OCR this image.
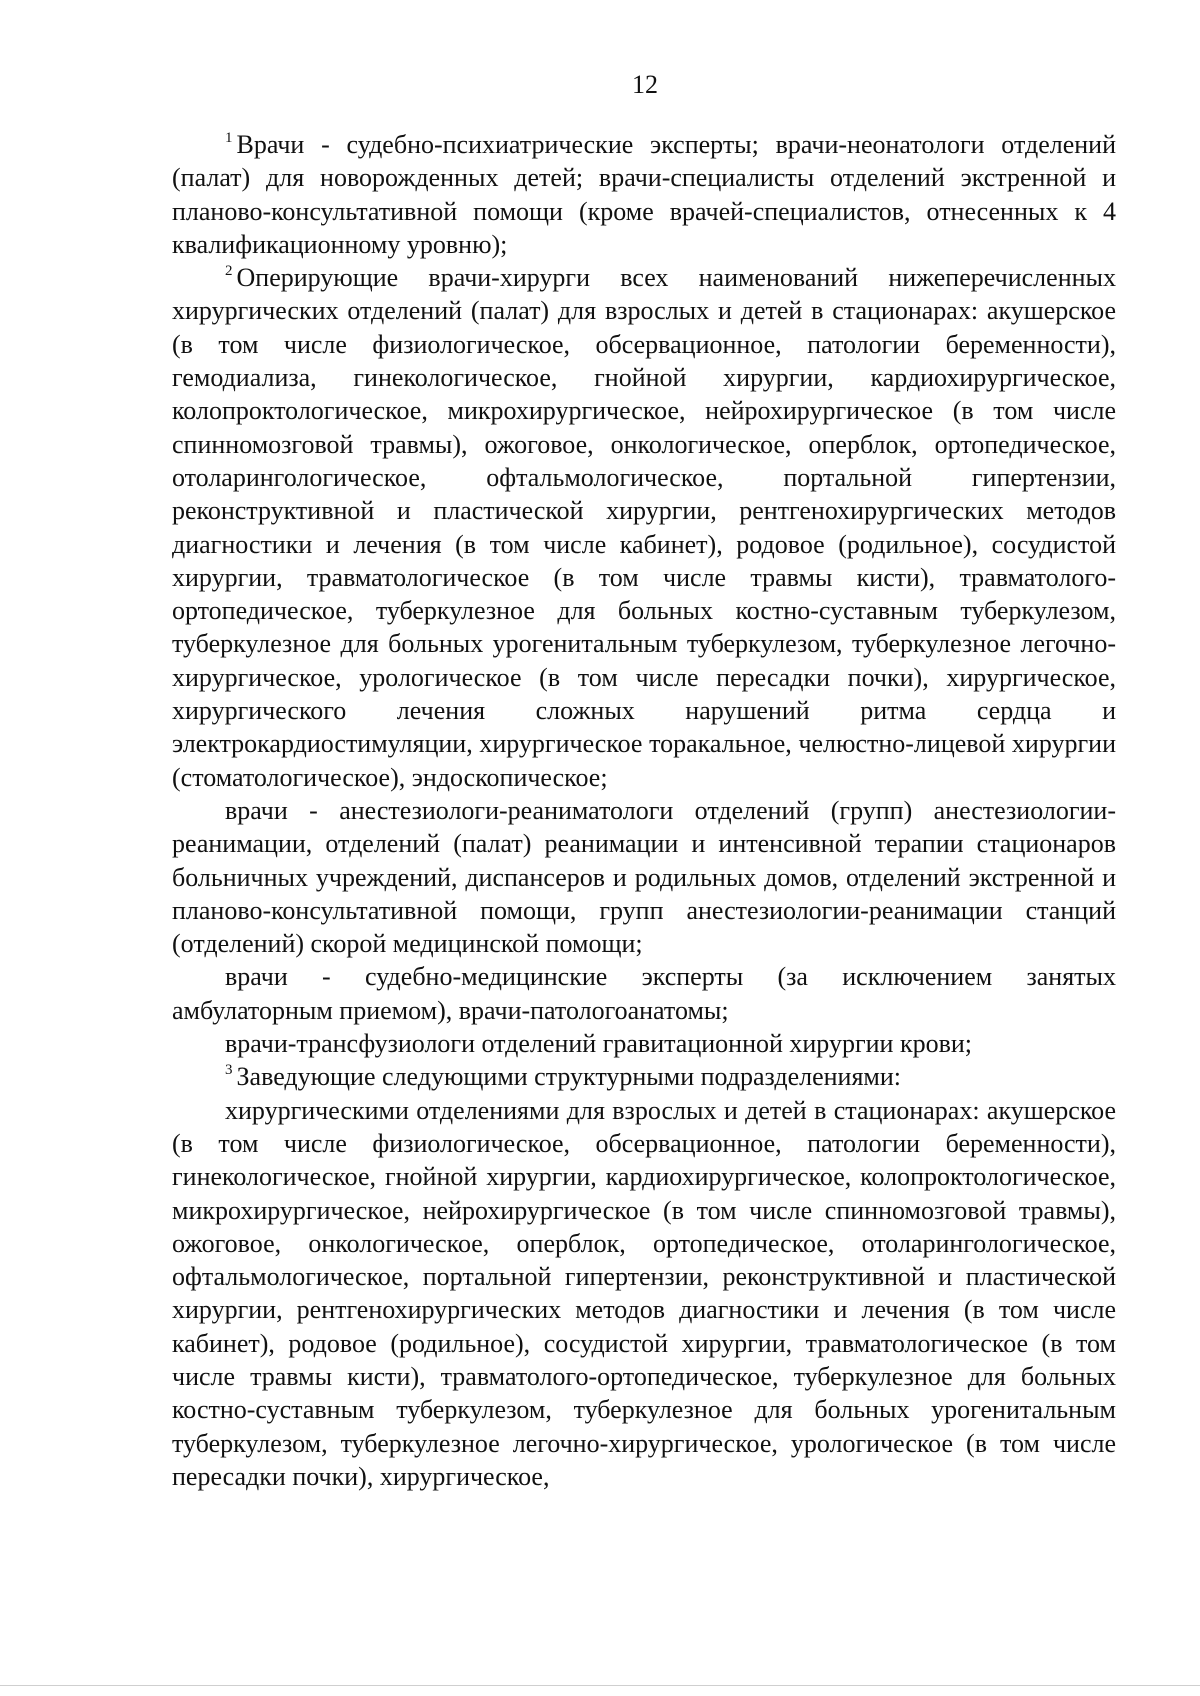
12

$^1$ Врачи - судебно-психиатрические эксперты; врачи-неонатологи отделений (палат) для новорожденных детей; врачи-специалисты отделений экстренной и планово-консультативной помощи (кроме врачей-специалистов, отнесенных к 4 квалификационному уровню);

$^2$ Оперирующие врачи-хирурги всех наименований нижеперечисленных хирургических отделений (палат) для взрослых и детей в стационарах: акушерское (в том числе физиологическое, обсервационное, патологии беременности), гемодиализа, гинекологическое, гнойной хирургии, кардиохирургическое, колопроктологическое, микрохирургическое, нейрохирургическое (в том числе спинномозговой травмы), ожоговое, онкологическое, оперблок, ортопедическое, отоларингологическое, офтальмологическое, портальной гипертензии, реконструктивной и пластической хирургии, рентгенохирургических методов диагностики и лечения (в том числе кабинет), родовое (родильное), сосудистой хирургии, травматологическое (в том числе травмы кисти), травматолого-ортопедическое, туберкулезное для больных костно-суставным туберкулезом, туберкулезное для больных урогенитальным туберкулезом, туберкулезное легочно-хирургическое, урологическое (в том числе пересадки почки), хирургическое, хирургического лечения сложных нарушений ритма сердца и электрокардиостимуляции, хирургическое торакальное, челюстно-лицевой хирургии (стоматологическое), эндоскопическое;

врачи - анестезиологи-реаниматологи отделений (групп) анестезиологии-реанимации, отделений (палат) реанимации и интенсивной терапии стационаров больничных учреждений, диспансеров и родильных домов, отделений экстренной и планово-консультативной помощи, групп анестезиологии-реанимации станций (отделений) скорой медицинской помощи;

врачи - судебно-медицинские эксперты (за исключением занятых амбулаторным приемом), врачи-патологоанатомы;

врачи-трансфузиологи отделений гравитационной хирургии крови;

$^3$ Заведующие следующими структурными подразделениями:

хирургическими отделениями для взрослых и детей в стационарах: акушерское (в том числе физиологическое, обсервационное, патологии беременности), гинекологическое, гнойной хирургии, кардиохирургическое, колопроктологическое, микрохирургическое, нейрохирургическое (в том числе спинномозговой травмы), ожоговое, онкологическое, оперблок, ортопедическое, отоларингологическое, офтальмологическое, портальной гипертензии, реконструктивной и пластической хирургии, рентгенохирургических методов диагностики и лечения (в том числе кабинет), родовое (родильное), сосудистой хирургии, травматологическое (в том числе травмы кисти), травматолого-ортопедическое, туберкулезное для больных костно-суставным туберкулезом, туберкулезное для больных урогенитальным туберкулезом, туберкулезное легочно-хирургическое, урологическое (в том числе пересадки почки), хирургическое,
